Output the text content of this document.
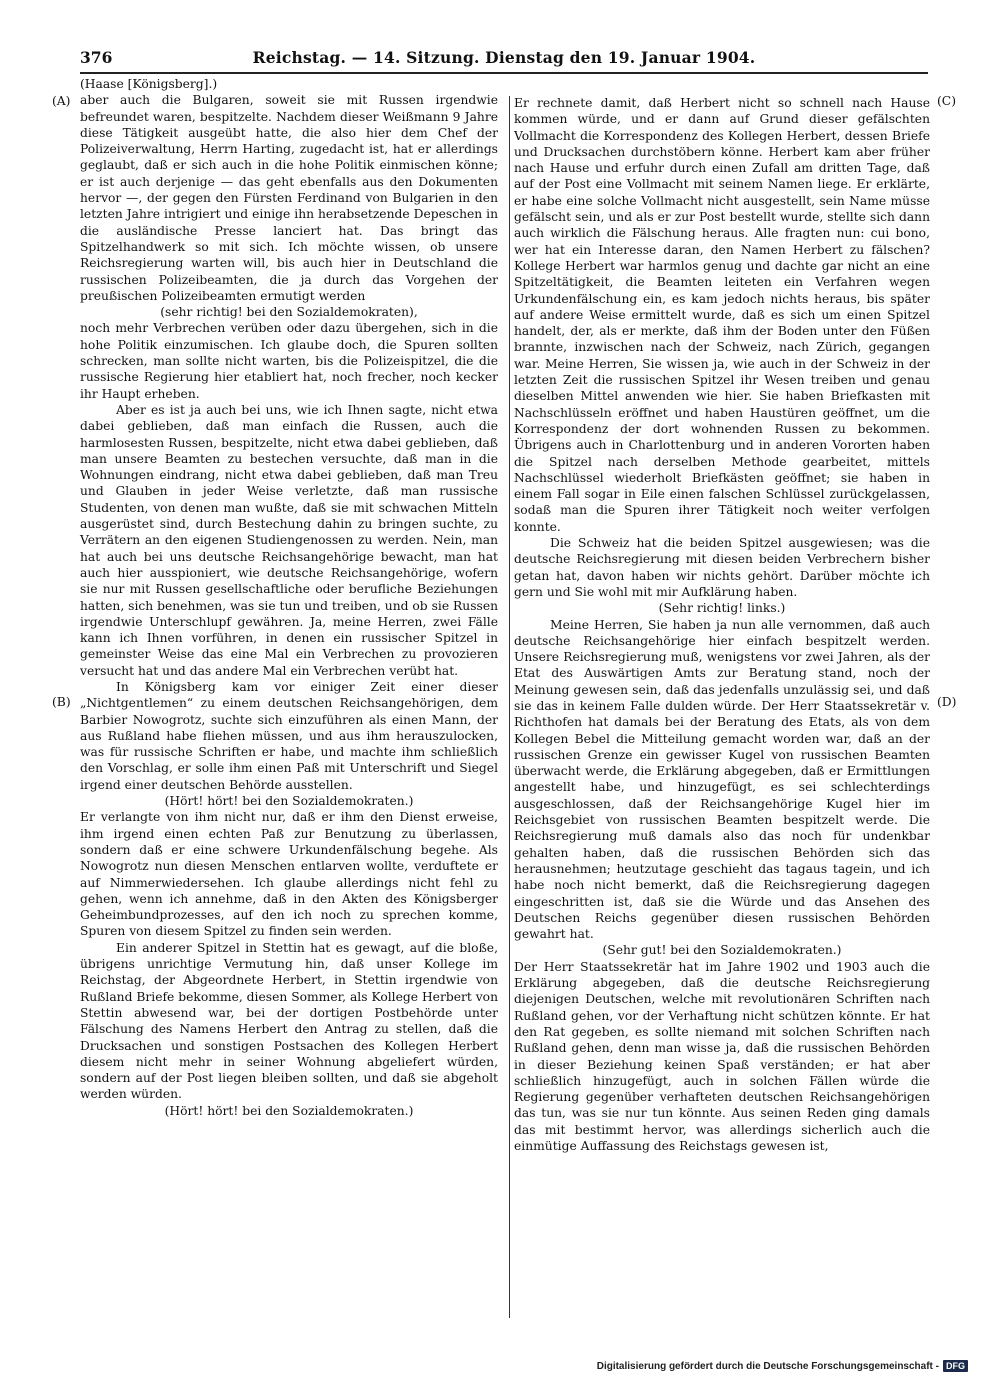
376	Reichstag. — 14. Sitzung. Dienstag den 19. Januar 1904.

(Haase [Königsberg].)

aber auch die Bulgaren, soweit sie mit Russen irgendwie befreundet waren, bespitzelte. Nachdem dieser Weißmann 9 Jahre diese Tätigkeit ausgeübt hatte, die also hier dem Chef der Polizeiverwaltung, Herrn Harting, zugedacht ist, hat er allerdings geglaubt, daß er sich auch in die hohe Politik einmischen könne; er ist auch derjenige — das geht ebenfalls aus den Dokumenten hervor —, der gegen den Fürsten Ferdinand von Bulgarien in den letzten Jahre intrigiert und einige ihn herabsetzende Depeschen in die ausländische Presse lanciert hat. Das bringt das Spitzelhandwerk so mit sich. Ich möchte wissen, ob unsere Reichsregierung warten will, bis auch hier in Deutschland die russischen Polizeibeamten, die ja durch das Vorgehen der preußischen Polizeibeamten ermutigt werden

(sehr richtig! bei den Sozialdemokraten),

noch mehr Verbrechen verüben oder dazu übergehen, sich in die hohe Politik einzumischen. Ich glaube doch, die Spuren sollten schrecken, man sollte nicht warten, bis die Polizeispitzel, die die russische Regierung hier etabliert hat, noch frecher, noch kecker ihr Haupt erheben.

Aber es ist ja auch bei uns, wie ich Ihnen sagte, nicht etwa dabei geblieben, daß man einfach die Russen, auch die harmlosesten Russen, bespitzelte, nicht etwa dabei geblieben, daß man unsere Beamten zu bestechen versuchte, daß man in die Wohnungen eindrang, nicht etwa dabei geblieben, daß man Treu und Glauben in jeder Weise verletzte, daß man russische Studenten, von denen man wußte, daß sie mit schwachen Mitteln ausgerüstet sind, durch Bestechung dahin zu bringen suchte, zu Verrätern an den eigenen Studiengenossen zu werden. Nein, man hat auch bei uns deutsche Reichsangehörige bewacht, man hat auch hier ausspioniert, wie deutsche Reichsangehörige, wofern sie nur mit Russen gesellschaftliche oder berufliche Beziehungen hatten, sich benehmen, was sie tun und treiben, und ob sie Russen irgendwie Unterschlupf gewähren. Ja, meine Herren, zwei Fälle kann ich Ihnen vorführen, in denen ein russischer Spitzel in gemeinster Weise das eine Mal ein Verbrechen zu provozieren versucht hat und das andere Mal ein Verbrechen verübt hat.

In Königsberg kam vor einiger Zeit einer dieser „Nichtgentlemen“ zu einem deutschen Reichsangehörigen, dem Barbier Nowogrotz, suchte sich einzuführen als einen Mann, der aus Rußland habe fliehen müssen, und aus ihm herauszulocken, was für russische Schriften er habe, und machte ihm schließlich den Vorschlag, er solle ihm einen Paß mit Unterschrift und Siegel irgend einer deutschen Behörde ausstellen.

(Hört! hört! bei den Sozialdemokraten.)

Er verlangte von ihm nicht nur, daß er ihm den Dienst erweise, ihm irgend einen echten Paß zur Benutzung zu überlassen, sondern daß er eine schwere Urkundenfälschung begehe. Als Nowogrotz nun diesen Menschen entlarven wollte, verduftete er auf Nimmerwiedersehen. Ich glaube allerdings nicht fehl zu gehen, wenn ich annehme, daß in den Akten des Königsberger Geheimbundprozesses, auf den ich noch zu sprechen komme, Spuren von diesem Spitzel zu finden sein werden.

Ein anderer Spitzel in Stettin hat es gewagt, auf die bloße, übrigens unrichtige Vermutung hin, daß unser Kollege im Reichstag, der Abgeordnete Herbert, in Stettin irgendwie von Rußland Briefe bekomme, diesen Sommer, als Kollege Herbert von Stettin abwesend war, bei der dortigen Postbehörde unter Fälschung des Namens Herbert den Antrag zu stellen, daß die Drucksachen und sonstigen Postsachen des Kollegen Herbert diesem nicht mehr in seiner Wohnung abgeliefert würden, sondern auf der Post liegen bleiben sollten, und daß sie abgeholt werden würden.

(Hört! hört! bei den Sozialdemokraten.)

Er rechnete damit, daß Herbert nicht so schnell nach Hause kommen würde, und er dann auf Grund dieser gefälschten Vollmacht die Korrespondenz des Kollegen Herbert, dessen Briefe und Drucksachen durchstöbern könne. Herbert kam aber früher nach Hause und erfuhr durch einen Zufall am dritten Tage, daß auf der Post eine Vollmacht mit seinem Namen liege. Er erklärte, er habe eine solche Vollmacht nicht ausgestellt, sein Name müsse gefälscht sein, und als er zur Post bestellt wurde, stellte sich dann auch wirklich die Fälschung heraus. Alle fragten nun: cui bono, wer hat ein Interesse daran, den Namen Herbert zu fälschen? Kollege Herbert war harmlos genug und dachte gar nicht an eine Spitzeltätigkeit, die Beamten leiteten ein Verfahren wegen Urkundenfälschung ein, es kam jedoch nichts heraus, bis später auf andere Weise ermittelt wurde, daß es sich um einen Spitzel handelt, der, als er merkte, daß ihm der Boden unter den Füßen brannte, inzwischen nach der Schweiz, nach Zürich, gegangen war. Meine Herren, Sie wissen ja, wie auch in der Schweiz in der letzten Zeit die russischen Spitzel ihr Wesen treiben und genau dieselben Mittel anwenden wie hier. Sie haben Briefkasten mit Nachschlüsseln eröffnet und haben Haustüren geöffnet, um die Korrespondenz der dort wohnenden Russen zu bekommen. Übrigens auch in Charlottenburg und in anderen Vororten haben die Spitzel nach derselben Methode gearbeitet, mittels Nachschlüssel wiederholt Briefkästen geöffnet; sie haben in einem Fall sogar in Eile einen falschen Schlüssel zurückgelassen, sodaß man die Spuren ihrer Tätigkeit noch weiter verfolgen konnte.

Die Schweiz hat die beiden Spitzel ausgewiesen; was die deutsche Reichsregierung mit diesen beiden Verbrechern bisher getan hat, davon haben wir nichts gehört. Darüber möchte ich gern und Sie wohl mit mir Aufklärung haben.

(Sehr richtig! links.)

Meine Herren, Sie haben ja nun alle vernommen, daß auch deutsche Reichsangehörige hier einfach bespitzelt werden. Unsere Reichsregierung muß, wenigstens vor zwei Jahren, als der Etat des Auswärtigen Amts zur Beratung stand, noch der Meinung gewesen sein, daß das jedenfalls unzulässig sei, und daß sie das in keinem Falle dulden würde. Der Herr Staatssekretär v. Richthofen hat damals bei der Beratung des Etats, als von dem Kollegen Bebel die Mitteilung gemacht worden war, daß an der russischen Grenze ein gewisser Kugel von russischen Beamten überwacht werde, die Erklärung abgegeben, daß er Ermittlungen angestellt habe, und hinzugefügt, es sei schlechterdings ausgeschlossen, daß der Reichsangehörige Kugel hier im Reichsgebiet von russischen Beamten bespitzelt werde. Die Reichsregierung muß damals also das noch für undenkbar gehalten haben, daß die russischen Behörden sich das herausnehmen; heutzutage geschieht das tagaus tagein, und ich habe noch nicht bemerkt, daß die Reichsregierung dagegen eingeschritten ist, daß sie die Würde und das Ansehen des Deutschen Reichs gegenüber diesen russischen Behörden gewahrt hat.

(Sehr gut! bei den Sozialdemokraten.)

Der Herr Staatssekretär hat im Jahre 1902 und 1903 auch die Erklärung abgegeben, daß die deutsche Reichsregierung diejenigen Deutschen, welche mit revolutionären Schriften nach Rußland gehen, vor der Verhaftung nicht schützen könnte. Er hat den Rat gegeben, es sollte niemand mit solchen Schriften nach Rußland gehen, denn man wisse ja, daß die russischen Behörden in dieser Beziehung keinen Spaß verständen; er hat aber schließlich hinzugefügt, auch in solchen Fällen würde die Regierung gegenüber verhafteten deutschen Reichsangehörigen das tun, was sie nur tun könnte. Aus seinen Reden ging damals das mit bestimmt hervor, was allerdings sicherlich auch die einmütige Auffassung des Reichstags gewesen ist,

(A)
(B)
(C)
(D)
Digitalisierung gefördert durch die Deutsche Forschungsgemeinschaft - DFG
